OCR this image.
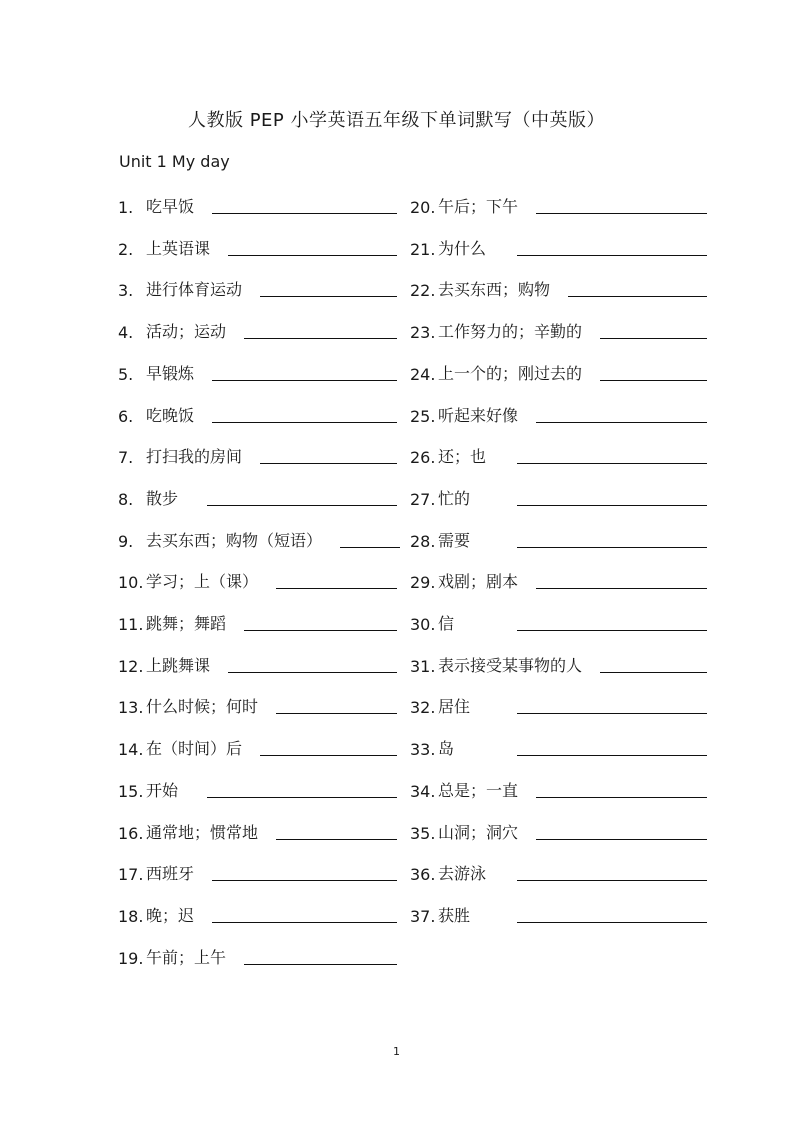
人教版 PEP 小学英语五年级下单词默写（中英版）
Unit 1 My day
1. 吃早饭
2. 上英语课
3. 进行体育运动
4. 活动；运动
5. 早锻炼
6. 吃晚饭
7. 打扫我的房间
8. 散步
9. 去买东西；购物（短语）
10. 学习；上（课）
11. 跳舞；舞蹈
12. 上跳舞课
13. 什么时候；何时
14. 在（时间）后
15. 开始
16. 通常地；惯常地
17. 西班牙
18. 晚；迟
19. 午前；上午
20. 午后；下午
21. 为什么
22. 去买东西；购物
23. 工作努力的；辛勤的
24. 上一个的；刚过去的
25. 听起来好像
26. 还；也
27. 忙的
28. 需要
29. 戏剧；剧本
30. 信
31. 表示接受某事物的人
32. 居住
33. 岛
34. 总是；一直
35. 山洞；洞穴
36. 去游泳
37. 获胜
1
